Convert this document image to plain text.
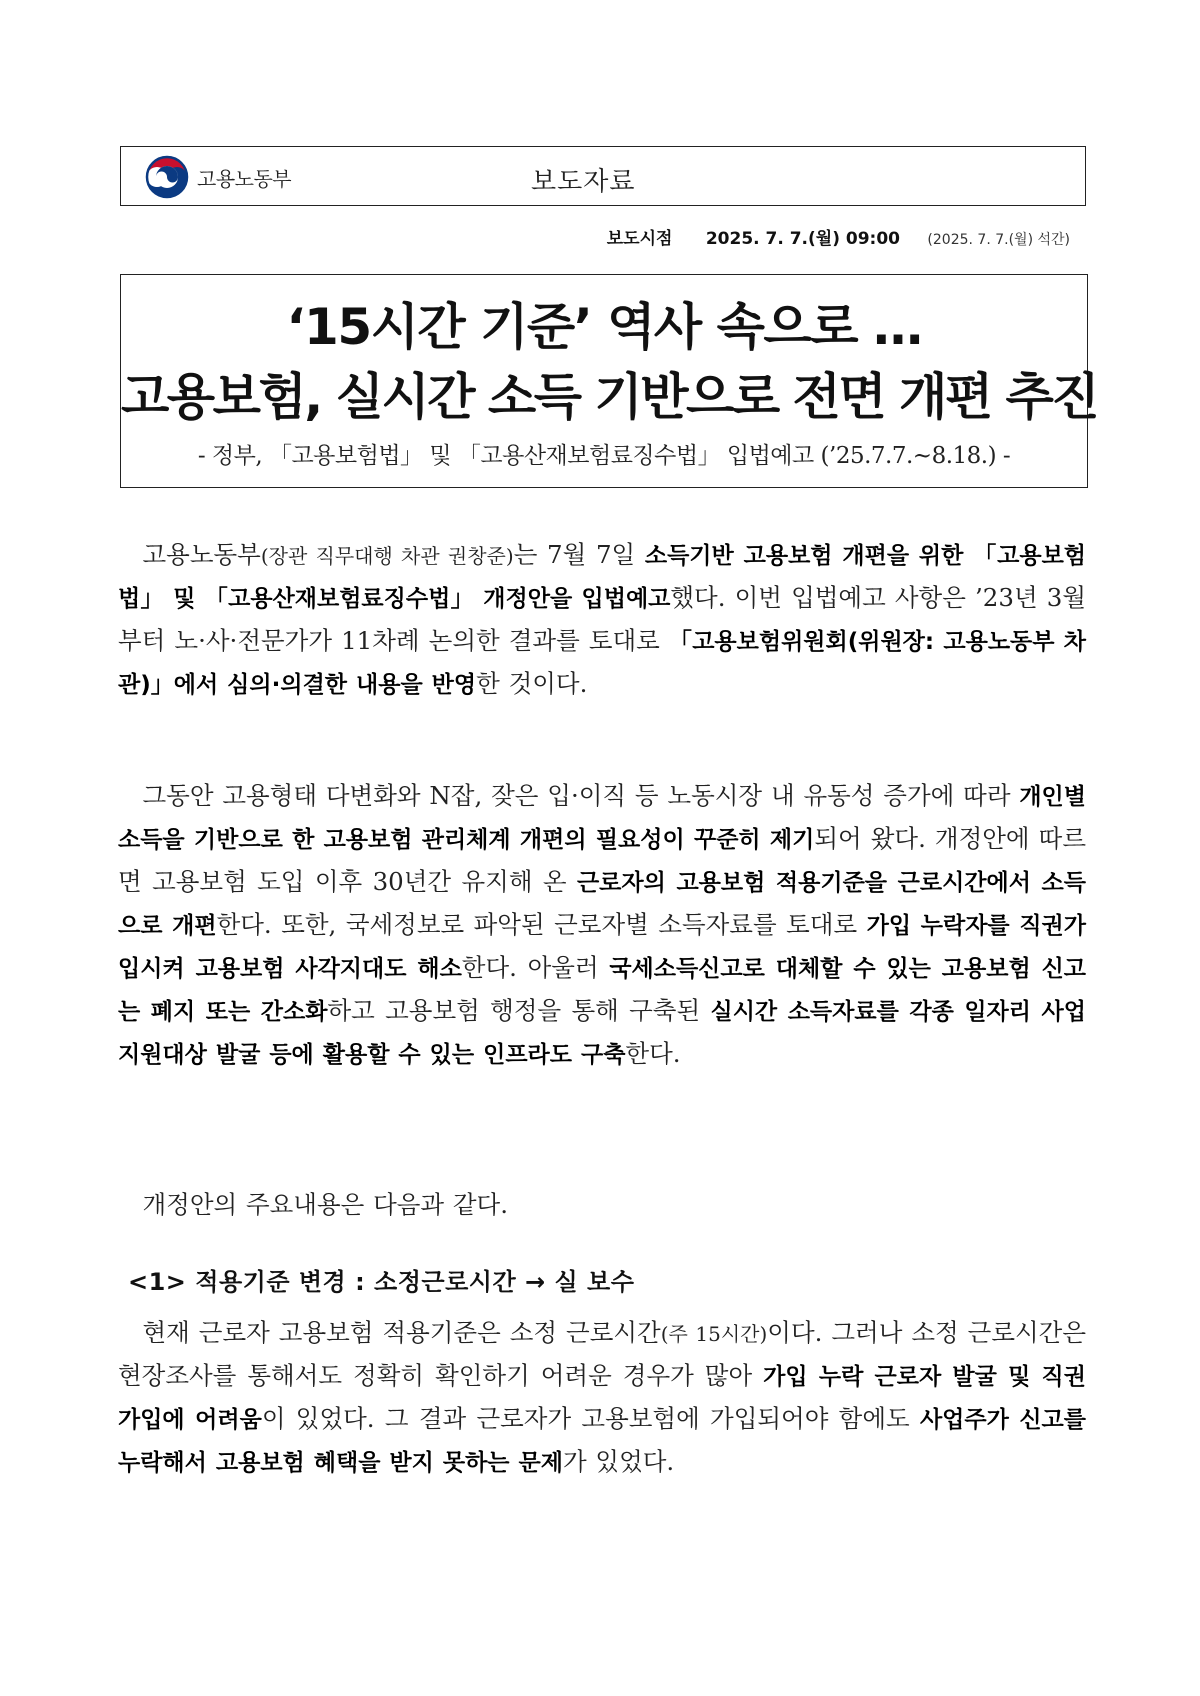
고용노동부	보도자료
보도시점 2025. 7. 7.(월) 09:00 (2025. 7. 7.(월) 석간)
‘15시간 기준’ 역사 속으로 …
고용보험, 실시간 소득 기반으로 전면 개편 추진
- 정부, 「고용보험법」 및 「고용산재보험료징수법」 입법예고 (’25.7.7.~8.18.) -
 고용노동부(장관 직무대행 차관 권창준)는 7월 7일 소득기반 고용보험 개편을 위한 「고용보험법」 및 「고용산재보험료징수법」 개정안을 입법예고했다. 이번 입법예고 사항은 ’23년 3월부터 노·사·전문가가 11차례 논의한 결과를 토대로 「고용보험위원회(위원장: 고용노동부 차관)」에서 심의·의결한 내용을 반영한 것이다.
 그동안 고용형태 다변화와 N잡, 잦은 입·이직 등 노동시장 내 유동성 증가에 따라 개인별 소득을 기반으로 한 고용보험 관리체계 개편의 필요성이 꾸준히 제기되어 왔다. 개정안에 따르면 고용보험 도입 이후 30년간 유지해 온 근로자의 고용보험 적용기준을 근로시간에서 소득으로 개편한다. 또한, 국세정보로 파악된 근로자별 소득자료를 토대로 가입 누락자를 직권가입시켜 고용보험 사각지대도 해소한다. 아울러 국세소득신고로 대체할 수 있는 고용보험 신고는 폐지 또는 간소화하고 고용보험 행정을 통해 구축된 실시간 소득자료를 각종 일자리 사업 지원대상 발굴 등에 활용할 수 있는 인프라도 구축한다.
 개정안의 주요내용은 다음과 같다.
<1> 적용기준 변경 : 소정근로시간 → 실 보수
 현재 근로자 고용보험 적용기준은 소정 근로시간(주 15시간)이다. 그러나 소정 근로시간은 현장조사를 통해서도 정확히 확인하기 어려운 경우가 많아 가입 누락 근로자 발굴 및 직권 가입에 어려움이 있었다. 그 결과 근로자가 고용보험에 가입되어야 함에도 사업주가 신고를 누락해서 고용보험 혜택을 받지 못하는 문제가 있었다.
